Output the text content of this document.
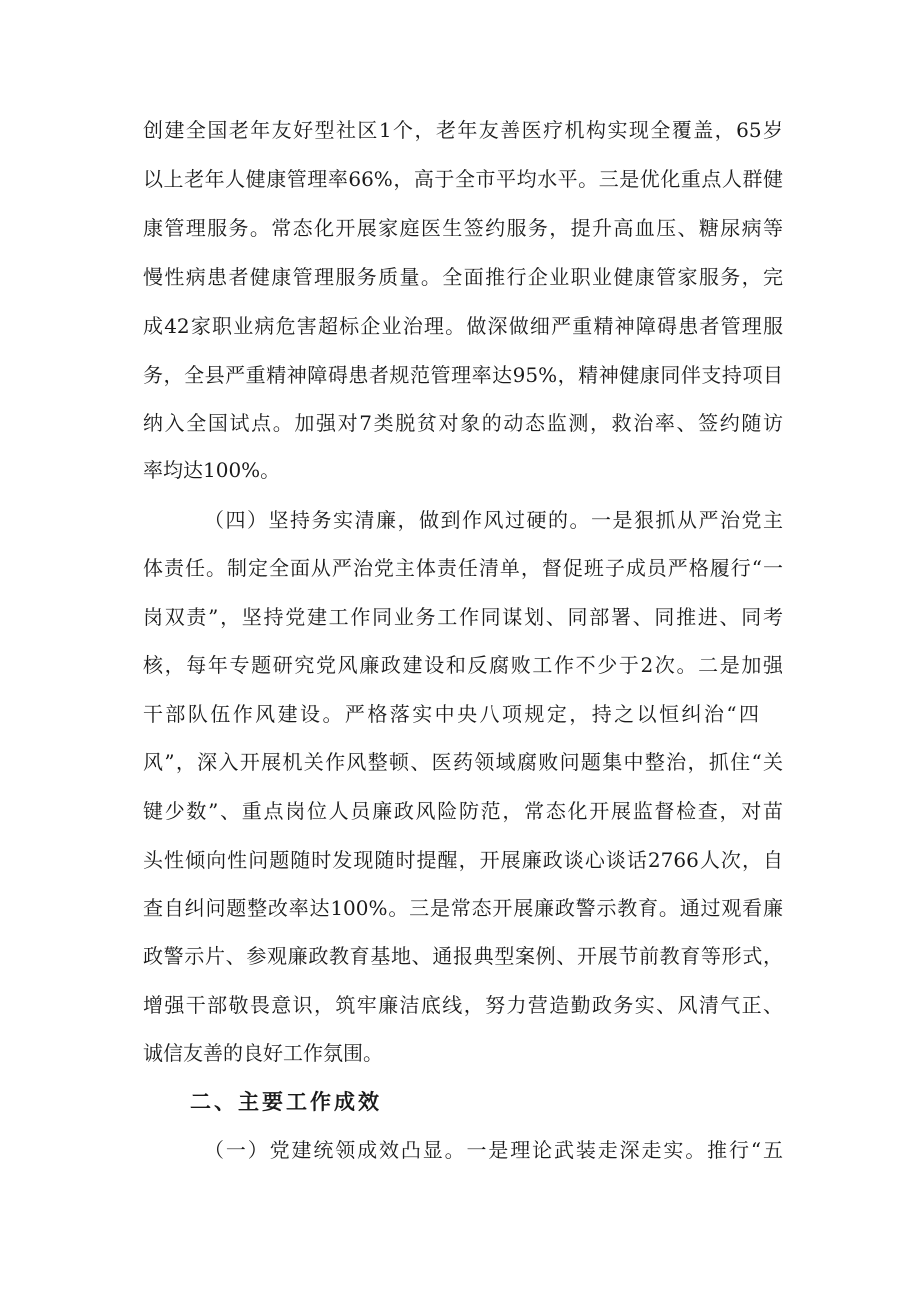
创建全国老年友好型社区1个，老年友善医疗机构实现全覆盖，65岁
以上老年人健康管理率66%，高于全市平均水平。三是优化重点人群健
康管理服务。常态化开展家庭医生签约服务，提升高血压、糖尿病等
慢性病患者健康管理服务质量。全面推行企业职业健康管家服务，完
成42家职业病危害超标企业治理。做深做细严重精神障碍患者管理服
务，全县严重精神障碍患者规范管理率达95%，精神健康同伴支持项目
纳入全国试点。加强对7类脱贫对象的动态监测，救治率、签约随访
率均达100%。
（四）坚持务实清廉，做到作风过硬的。一是狠抓从严治党主
体责任。制定全面从严治党主体责任清单，督促班子成员严格履行“一
岗双责”，坚持党建工作同业务工作同谋划、同部署、同推进、同考
核，每年专题研究党风廉政建设和反腐败工作不少于2次。二是加强
干部队伍作风建设。严格落实中央八项规定，持之以恒纠治“四
风”，深入开展机关作风整顿、医药领域腐败问题集中整治，抓住“关
键少数”、重点岗位人员廉政风险防范，常态化开展监督检查，对苗
头性倾向性问题随时发现随时提醒，开展廉政谈心谈话2766人次，自
查自纠问题整改率达100%。三是常态开展廉政警示教育。通过观看廉
政警示片、参观廉政教育基地、通报典型案例、开展节前教育等形式，
增强干部敬畏意识，筑牢廉洁底线，努力营造勤政务实、风清气正、
诚信友善的良好工作氛围。
二、主要工作成效
（一）党建统领成效凸显。一是理论武装走深走实。推行“五
